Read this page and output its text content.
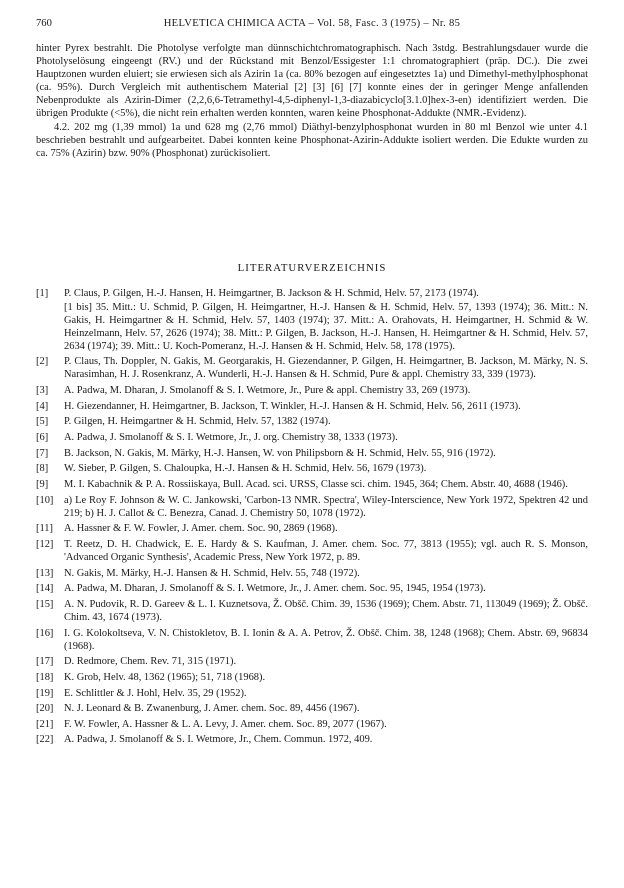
760	HELVETICA CHIMICA ACTA – Vol. 58, Fasc. 3 (1975) – Nr. 85

hinter Pyrex bestrahlt. Die Photolyse verfolgte man dünnschichtchromatographisch. Nach 3stdg. Bestrahlungsdauer wurde die Photolyselösung eingeengt (RV.) und der Rückstand mit Benzol/Essigester 1:1 chromatographiert (präp. DC.). Die zwei Hauptzonen wurden eluiert; sie erwiesen sich als Azirin 1a (ca. 80% bezogen auf eingesetztes 1a) und Dimethyl-methylphosphonat (ca. 95%). Durch Vergleich mit authentischem Material [2] [3] [6] [7] konnte eines der in geringer Menge anfallenden Nebenprodukte als Azirin-Dimer (2,2,6,6-Tetramethyl-4,5-diphenyl-1,3-diazabicyclo[3.1.0]hex-3-en) identifiziert werden. Die übrigen Produkte (<5%), die nicht rein erhalten werden konnten, waren keine Phosphonat-Addukte (NMR.-Evidenz).

4.2. 202 mg (1,39 mmol) 1a und 628 mg (2,76 mmol) Diäthyl-benzylphosphonat wurden in 80 ml Benzol wie unter 4.1 beschrieben bestrahlt und aufgearbeitet. Dabei konnten keine Phosphonat-Azirin-Addukte isoliert werden. Die Edukte wurden zu ca. 75% (Azirin) bzw. 90% (Phosphonat) zurückisoliert.

LITERATURVERZEICHNIS
[1]	P. Claus, P. Gilgen, H.-J. Hansen, H. Heimgartner, B. Jackson & H. Schmid, Helv. 57, 2173 (1974).
[1 bis] 35. Mitt.: U. Schmid, P. Gilgen, H. Heimgartner, H.-J. Hansen & H. Schmid, Helv. 57, 1393 (1974); 36. Mitt.: N. Gakis, H. Heimgartner & H. Schmid, Helv. 57, 1403 (1974); 37. Mitt.: A. Orahovats, H. Heimgartner, H. Schmid & W. Heinzelmann, Helv. 57, 2626 (1974); 38. Mitt.: P. Gilgen, B. Jackson, H.-J. Hansen, H. Heimgartner & H. Schmid, Helv. 57, 2634 (1974); 39. Mitt.: U. Koch-Pomeranz, H.-J. Hansen & H. Schmid, Helv. 58, 178 (1975).
[2]	P. Claus, Th. Doppler, N. Gakis, M. Georgarakis, H. Giezendanner, P. Gilgen, H. Heimgartner, B. Jackson, M. Märky, N. S. Narasimhan, H. J. Rosenkranz, A. Wunderli, H.-J. Hansen & H. Schmid, Pure & appl. Chemistry 33, 339 (1973).
[3]	A. Padwa, M. Dharan, J. Smolanoff & S. I. Wetmore, Jr., Pure & appl. Chemistry 33, 269 (1973).
[4]	H. Giezendanner, H. Heimgartner, B. Jackson, T. Winkler, H.-J. Hansen & H. Schmid, Helv. 56, 2611 (1973).
[5]	P. Gilgen, H. Heimgartner & H. Schmid, Helv. 57, 1382 (1974).
[6]	A. Padwa, J. Smolanoff & S. I. Wetmore, Jr., J. org. Chemistry 38, 1333 (1973).
[7]	B. Jackson, N. Gakis, M. Märky, H.-J. Hansen, W. von Philipsborn & H. Schmid, Helv. 55, 916 (1972).
[8]	W. Sieber, P. Gilgen, S. Chaloupka, H.-J. Hansen & H. Schmid, Helv. 56, 1679 (1973).
[9]	M. I. Kabachnik & P. A. Rossiiskaya, Bull. Acad. sci. URSS, Classe sci. chim. 1945, 364; Chem. Abstr. 40, 4688 (1946).
[10]	a) Le Roy F. Johnson & W. C. Jankowski, 'Carbon-13 NMR. Spectra', Wiley-Interscience, New York 1972, Spektren 42 und 219; b) H. J. Callot & C. Benezra, Canad. J. Chemistry 50, 1078 (1972).
[11]	A. Hassner & F. W. Fowler, J. Amer. chem. Soc. 90, 2869 (1968).
[12]	T. Reetz, D. H. Chadwick, E. E. Hardy & S. Kaufman, J. Amer. chem. Soc. 77, 3813 (1955); vgl. auch R. S. Monson, 'Advanced Organic Synthesis', Academic Press, New York 1972, p. 89.
[13]	N. Gakis, M. Märky, H.-J. Hansen & H. Schmid, Helv. 55, 748 (1972).
[14]	A. Padwa, M. Dharan, J. Smolanoff & S. I. Wetmore, Jr., J. Amer. chem. Soc. 95, 1945, 1954 (1973).
[15]	A. N. Pudovik, R. D. Gareev & L. I. Kuznetsova, Ž. Obšč. Chim. 39, 1536 (1969); Chem. Abstr. 71, 113049 (1969); Ž. Obšč. Chim. 43, 1674 (1973).
[16]	I. G. Kolokoltseva, V. N. Chistokletov, B. I. Ionin & A. A. Petrov, Ž. Obšč. Chim. 38, 1248 (1968); Chem. Abstr. 69, 96834 (1968).
[17]	D. Redmore, Chem. Rev. 71, 315 (1971).
[18]	K. Grob, Helv. 48, 1362 (1965); 51, 718 (1968).
[19]	E. Schlittler & J. Hohl, Helv. 35, 29 (1952).
[20]	N. J. Leonard & B. Zwanenburg, J. Amer. chem. Soc. 89, 4456 (1967).
[21]	F. W. Fowler, A. Hassner & L. A. Levy, J. Amer. chem. Soc. 89, 2077 (1967).
[22]	A. Padwa, J. Smolanoff & S. I. Wetmore, Jr., Chem. Commun. 1972, 409.
